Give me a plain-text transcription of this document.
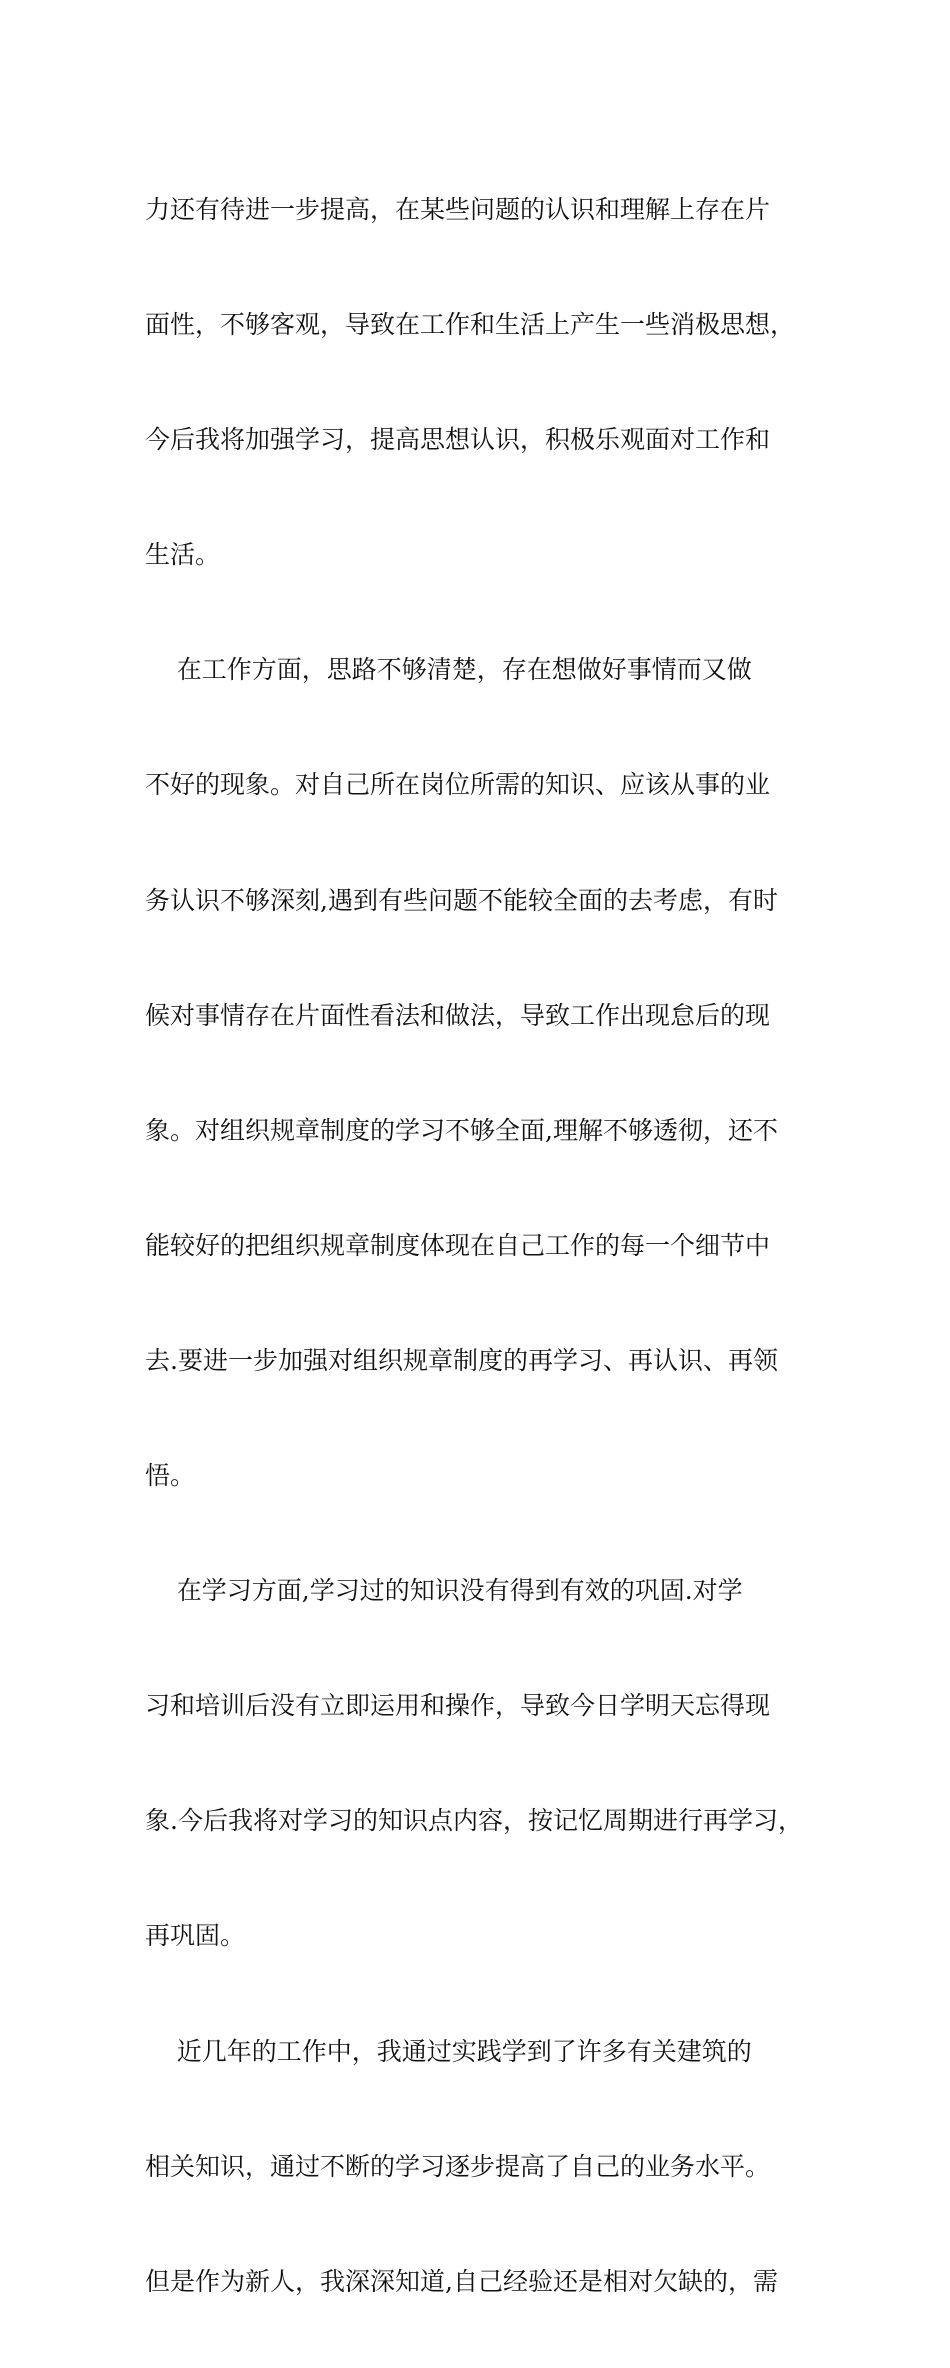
力还有待进一步提高，在某些问题的认识和理解上存在片

面性，不够客观，导致在工作和生活上产生一些消极思想，

今后我将加强学习，提高思想认识，积极乐观面对工作和

生活。

在工作方面，思路不够清楚，存在想做好事情而又做

不好的现象。对自己所在岗位所需的知识、应该从事的业

务认识不够深刻,遇到有些问题不能较全面的去考虑，有时

候对事情存在片面性看法和做法，导致工作出现怠后的现

象。对组织规章制度的学习不够全面,理解不够透彻，还不

能较好的把组织规章制度体现在自己工作的每一个细节中

去.要进一步加强对组织规章制度的再学习、再认识、再领

悟。

在学习方面,学习过的知识没有得到有效的巩固.对学

习和培训后没有立即运用和操作，导致今日学明天忘得现

象.今后我将对学习的知识点内容，按记忆周期进行再学习，

再巩固。

近几年的工作中，我通过实践学到了许多有关建筑的

相关知识，通过不断的学习逐步提高了自己的业务水平。

但是作为新人，我深深知道,自己经验还是相对欠缺的，需
